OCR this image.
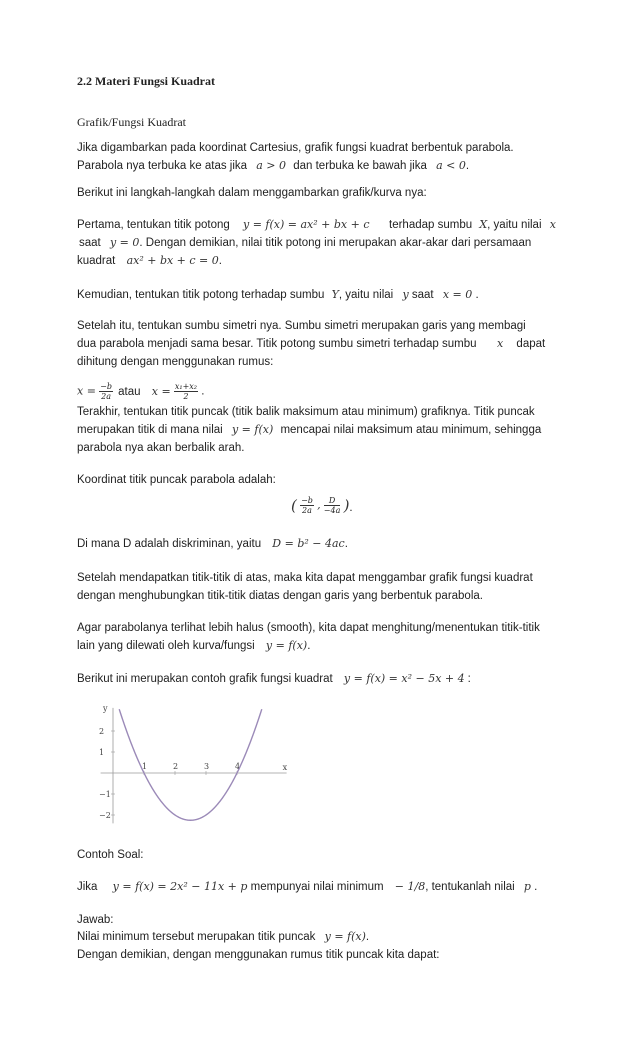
2.2 Materi Fungsi Kuadrat
Grafik/Fungsi Kuadrat
Jika digambarkan pada koordinat Cartesius, grafik fungsi kuadrat berbentuk parabola.
Parabola nya terbuka ke atas jika a > 0 dan terbuka ke bawah jika a < 0.
Berikut ini langkah-langkah dalam menggambarkan grafik/kurva nya:
Pertama, tentukan titik potong y = f(x) = ax² + bx + c terhadap sumbu X, yaitu nilai x
saat y = 0. Dengan demikian, nilai titik potong ini merupakan akar-akar dari persamaan
kuadrat ax² + bx + c = 0.
Kemudian, tentukan titik potong terhadap sumbu Y, yaitu nilai y saat x = 0 .
Setelah itu, tentukan sumbu simetri nya. Sumbu simetri merupakan garis yang membagi
dua parabola menjadi sama besar. Titik potong sumbu simetri terhadap sumbu x dapat
dihitung dengan menggunakan rumus:
$x = \frac{-b}{2a}$ atau $x = \frac{\text{x₁+x₂}}{2}$ .
Terakhir, tentukan titik puncak (titik balik maksimum atau minimum) grafiknya. Titik puncak
merupakan titik di mana nilai y = f(x) mencapai nilai maksimum atau minimum, sehingga
parabola nya akan berbalik arah.
Koordinat titik puncak parabola adalah:
( $\frac{-b}{2a}$ , $\frac{D}{-4a}$ ).
Di mana D adalah diskriminan, yaitu D = b² − 4ac.
Setelah mendapatkan titik-titik di atas, maka kita dapat menggambar grafik fungsi kuadrat
dengan menghubungkan titik-titik diatas dengan garis yang berbentuk parabola.
Agar parabolanya terlihat lebih halus (smooth), kita dapat menghitung/menentukan titik-titik
lain yang dilewati oleh kurva/fungsi y = f(x).
Berikut ini merupakan contoh grafik fungsi kuadrat y = f(x) = x² − 5x + 4 :
y
x
2
1
−1
−2
1	2	3	4
Contoh Soal:
Jika y = f(x) = 2x² − 11x + p mempunyai nilai minimum − 1/8, tentukanlah nilai p .
Jawab:
Nilai minimum tersebut merupakan titik puncak y = f(x).
Dengan demikian, dengan menggunakan rumus titik puncak kita dapat:
